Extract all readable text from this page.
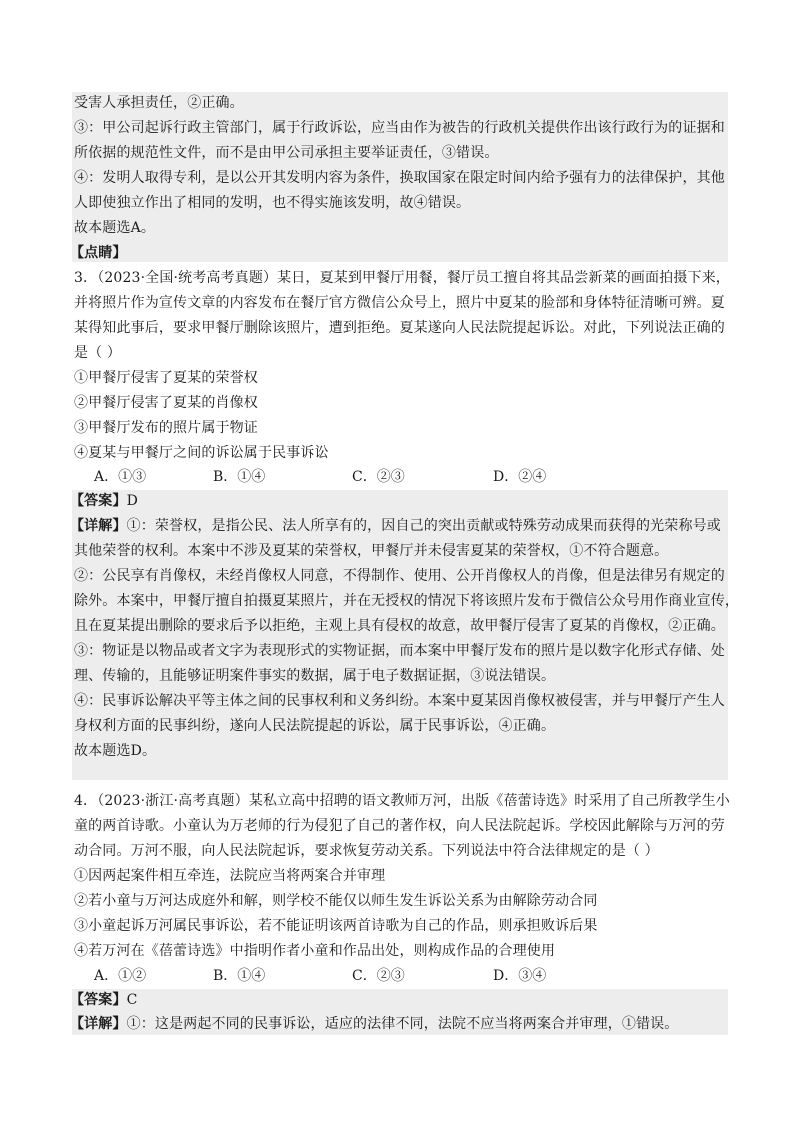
受害人承担责任，②正确。
③：甲公司起诉行政主管部门，属于行政诉讼，应当由作为被告的行政机关提供作出该行政行为的证据和
所依据的规范性文件，而不是由甲公司承担主要举证责任，③错误。
④：发明人取得专利，是以公开其发明内容为条件，换取国家在限定时间内给予强有力的法律保护，其他
人即使独立作出了相同的发明，也不得实施该发明，故④错误。
故本题选A。
【点睛】
3．（2023·全国·统考高考真题）某日，夏某到甲餐厅用餐，餐厅员工擅自将其品尝新菜的画面拍摄下来，
并将照片作为宣传文章的内容发布在餐厅官方微信公众号上，照片中夏某的脸部和身体特征清晰可辨。夏
某得知此事后，要求甲餐厅删除该照片，遭到拒绝。夏某遂向人民法院提起诉讼。对此，下列说法正确的
是（ ）
①甲餐厅侵害了夏某的荣誉权
②甲餐厅侵害了夏某的肖像权
③甲餐厅发布的照片属于物证
④夏某与甲餐厅之间的诉讼属于民事诉讼
A．①③	B．①④	C．②③	D．②④
【答案】D
【详解】①：荣誉权，是指公民、法人所享有的，因自己的突出贡献或特殊劳动成果而获得的光荣称号或
其他荣誉的权利。本案中不涉及夏某的荣誉权，甲餐厅并未侵害夏某的荣誉权，①不符合题意。
②：公民享有肖像权，未经肖像权人同意，不得制作、使用、公开肖像权人的肖像，但是法律另有规定的
除外。本案中，甲餐厅擅自拍摄夏某照片，并在无授权的情况下将该照片发布于微信公众号用作商业宣传，
且在夏某提出删除的要求后予以拒绝，主观上具有侵权的故意，故甲餐厅侵害了夏某的肖像权，②正确。
③：物证是以物品或者文字为表现形式的实物证据，而本案中甲餐厅发布的照片是以数字化形式存储、处
理、传输的，且能够证明案件事实的数据，属于电子数据证据，③说法错误。
④：民事诉讼解决平等主体之间的民事权利和义务纠纷。本案中夏某因肖像权被侵害，并与甲餐厅产生人
身权利方面的民事纠纷，遂向人民法院提起的诉讼，属于民事诉讼，④正确。
故本题选D。
4．（2023·浙江·高考真题）某私立高中招聘的语文教师万河，出版《蓓蕾诗选》时采用了自己所教学生小
童的两首诗歌。小童认为万老师的行为侵犯了自己的著作权，向人民法院起诉。学校因此解除与万河的劳
动合同。万河不服，向人民法院起诉，要求恢复劳动关系。下列说法中符合法律规定的是（ ）
①因两起案件相互牵连，法院应当将两案合并审理
②若小童与万河达成庭外和解，则学校不能仅以师生发生诉讼关系为由解除劳动合同
③小童起诉万河属民事诉讼，若不能证明该两首诗歌为自己的作品，则承担败诉后果
④若万河在《蓓蕾诗选》中指明作者小童和作品出处，则构成作品的合理使用
A．①②	B．①④	C．②③	D．③④
【答案】C
【详解】①：这是两起不同的民事诉讼，适应的法律不同，法院不应当将两案合并审理，①错误。
